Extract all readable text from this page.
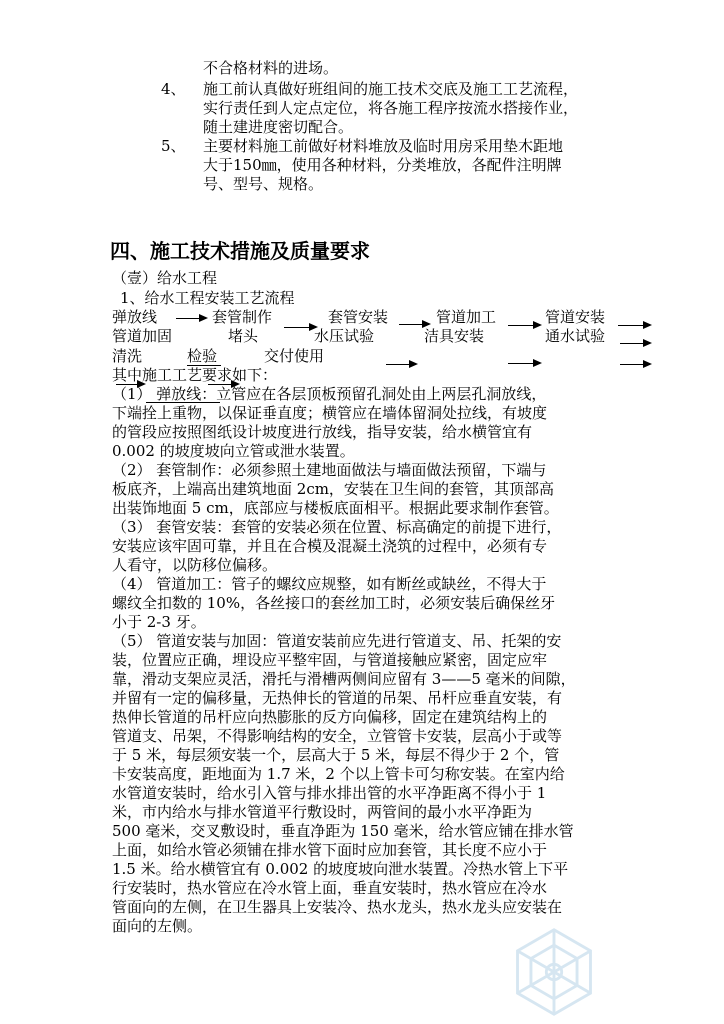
不合格材料的进场。
4、 施工前认真做好班组间的施工技术交底及施工工艺流程，
实行责任到人定点定位，将各施工程序按流水搭接作业，
随土建进度密切配合。
5、 主要材料施工前做好材料堆放及临时用房采用垫木距地
大于150㎜，使用各种材料，分类堆放，各配件注明牌
号、型号、规格。
四、施工技术措施及质量要求
（壹）给水工程
1、给水工程安装工艺流程
弹放线	套管制作	套管安装	管道加工	管道安装
管道加固	堵头	水压试验	洁具安装	通水试验
清洗	检验	交付使用
其中施工工艺要求如下：
（1） 弹放线：立管应在各层顶板预留孔洞处由上两层孔洞放线，
下端拴上重物，以保证垂直度；横管应在墙体留洞处拉线，有坡度
的管段应按照图纸设计坡度进行放线，指导安装，给水横管宜有
0.002 的坡度坡向立管或泄水装置。
（2） 套管制作：必须参照土建地面做法与墙面做法预留，下端与
板底齐，上端高出建筑地面 2cm，安装在卫生间的套管，其顶部高
出装饰地面 5 cm，底部应与楼板底面相平。根据此要求制作套管。
（3） 套管安装：套管的安装必须在位置、标高确定的前提下进行，
安装应该牢固可靠，并且在合模及混凝土浇筑的过程中，必须有专
人看守，以防移位偏移。
（4） 管道加工：管子的螺纹应规整，如有断丝或缺丝，不得大于
螺纹全扣数的 10%，各丝接口的套丝加工时，必须安装后确保丝牙
小于 2-3 牙。
（5） 管道安装与加固：管道安装前应先进行管道支、吊、托架的安
装，位置应正确，埋设应平整牢固，与管道接触应紧密，固定应牢
靠，滑动支架应灵活，滑托与滑槽两侧间应留有 3——5 毫米的间隙，
并留有一定的偏移量，无热伸长的管道的吊架、吊杆应垂直安装，有
热伸长管道的吊杆应向热膨胀的反方向偏移，固定在建筑结构上的
管道支、吊架，不得影响结构的安全，立管管卡安装，层高小于或等
于 5 米，每层须安装一个，层高大于 5 米，每层不得少于 2 个，管
卡安装高度，距地面为 1.7 米，2 个以上管卡可匀称安装。在室内给
水管道安装时，给水引入管与排水排出管的水平净距离不得小于 1
米，市内给水与排水管道平行敷设时，两管间的最小水平净距为
500 毫米，交叉敷设时，垂直净距为 150 毫米，给水管应铺在排水管
上面，如给水管必须铺在排水管下面时应加套管，其长度不应小于
1.5 米。给水横管宜有 0.002 的坡度坡向泄水装置。冷热水管上下平
行安装时，热水管应在冷水管上面，垂直安装时，热水管应在冷水
管面向的左侧，在卫生器具上安装冷、热水龙头，热水龙头应安装在
面向的左侧。
